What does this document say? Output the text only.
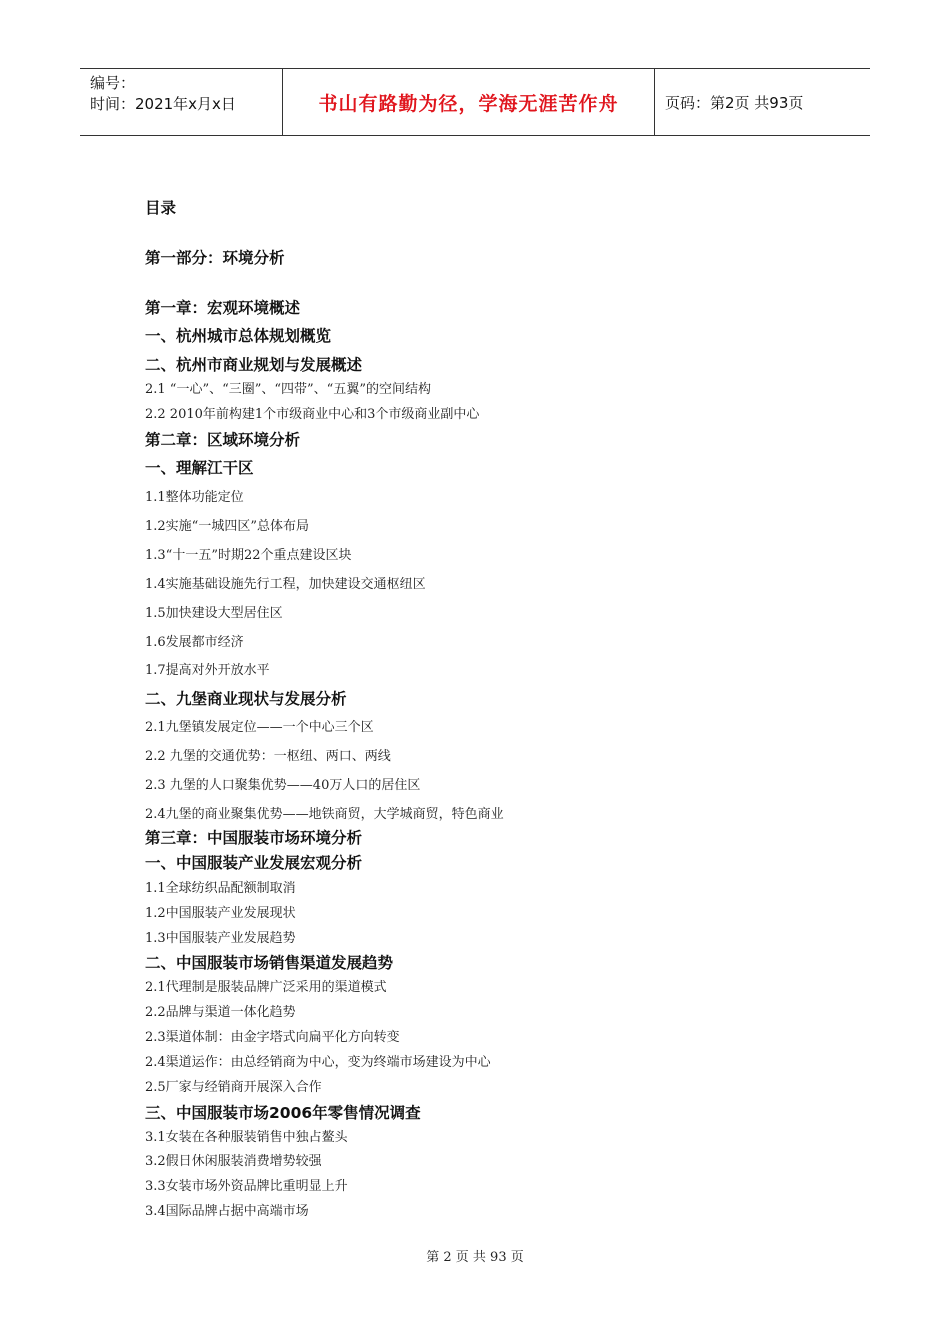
编号：
时间：2021年x月x日	书山有路勤为径，学海无涯苦作舟	页码：第2页 共93页
目录
第一部分：环境分析
第一章：宏观环境概述
一、杭州城市总体规划概览
二、杭州市商业规划与发展概述
2.1 “一心”、“三圈”、“四带”、“五翼”的空间结构
2.2 2010年前构建1个市级商业中心和3个市级商业副中心
第二章：区域环境分析
一、理解江干区
1.1整体功能定位
1.2实施“一城四区”总体布局
1.3“十一五”时期22个重点建设区块
1.4实施基础设施先行工程，加快建设交通枢纽区
1.5加快建设大型居住区
1.6发展都市经济
1.7提高对外开放水平
二、九堡商业现状与发展分析
2.1九堡镇发展定位——一个中心三个区
2.2 九堡的交通优势：一枢纽、两口、两线
2.3 九堡的人口聚集优势——40万人口的居住区
2.4九堡的商业聚集优势——地铁商贸，大学城商贸，特色商业
第三章：中国服装市场环境分析
一、中国服装产业发展宏观分析
1.1全球纺织品配额制取消
1.2中国服装产业发展现状
1.3中国服装产业发展趋势
二、中国服装市场销售渠道发展趋势
2.1代理制是服装品牌广泛采用的渠道模式
2.2品牌与渠道一体化趋势
2.3渠道体制：由金字塔式向扁平化方向转变
2.4渠道运作：由总经销商为中心，变为终端市场建设为中心
2.5厂家与经销商开展深入合作
三、中国服装市场2006年零售情况调查
3.1女装在各种服装销售中独占鳌头
3.2假日休闲服装消费增势较强
3.3女装市场外资品牌比重明显上升
3.4国际品牌占据中高端市场
第 2 页 共 93 页
